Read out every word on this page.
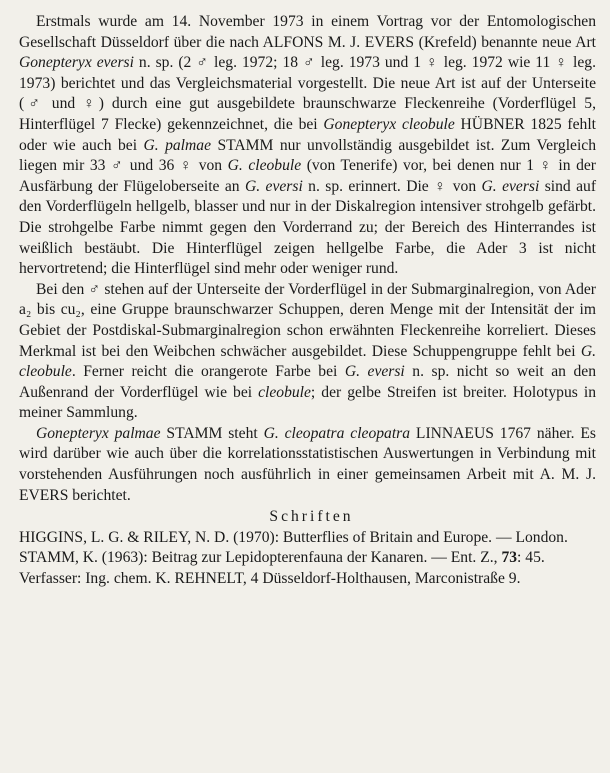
Erstmals wurde am 14. November 1973 in einem Vortrag vor der Entomologischen Gesellschaft Düsseldorf über die nach ALFONS M. J. EVERS (Krefeld) benannte neue Art Gonepteryx eversi n. sp. (2 ♂ leg. 1972; 18 ♂ leg. 1973 und 1 ♀ leg. 1972 wie 11 ♀ leg. 1973) berichtet und das Vergleichsmaterial vorgestellt. Die neue Art ist auf der Unterseite (♂ und ♀) durch eine gut ausgebildete braunschwarze Fleckenreihe (Vorderflügel 5, Hinterflügel 7 Flecke) gekennzeichnet, die bei Gonepteryx cleobule HÜBNER 1825 fehlt oder wie auch bei G. palmae STAMM nur unvollständig ausgebildet ist. Zum Vergleich liegen mir 33 ♂ und 36 ♀ von G. cleobule (von Tenerife) vor, bei denen nur 1 ♀ in der Ausfärbung der Flügeloberseite an G. eversi n. sp. erinnert. Die ♀ von G. eversi sind auf den Vorderflügeln hellgelb, blasser und nur in der Diskalregion intensiver strohgelb gefärbt. Die strohgelbe Farbe nimmt gegen den Vorderrand zu; der Bereich des Hinterrandes ist weißlich bestäubt. Die Hinterflügel zeigen hellgelbe Farbe, die Ader 3 ist nicht hervortretend; die Hinterflügel sind mehr oder weniger rund.

Bei den ♂ stehen auf der Unterseite der Vorderflügel in der Submarginalregion, von Ader a₂ bis cu₂, eine Gruppe braunschwarzer Schuppen, deren Menge mit der Intensität der im Gebiet der Postdiskal-Submarginalregion schon erwähnten Fleckenreihe korreliert. Dieses Merkmal ist bei den Weibchen schwächer ausgebildet. Diese Schuppengruppe fehlt bei G. cleobule. Ferner reicht die orangerote Farbe bei G. eversi n. sp. nicht so weit an den Außenrand der Vorderflügel wie bei cleobule; der gelbe Streifen ist breiter. Holotypus in meiner Sammlung.

Gonepteryx palmae STAMM steht G. cleopatra cleopatra LINNAEUS 1767 näher. Es wird darüber wie auch über die korrelationsstatistischen Auswertungen in Verbindung mit vorstehenden Ausführungen noch ausführlich in einer gemeinsamen Arbeit mit A. M. J. EVERS berichtet.

Schriften

HIGGINS, L. G. & RILEY, N. D. (1970): Butterflies of Britain and Europe. — London.

STAMM, K. (1963): Beitrag zur Lepidopterenfauna der Kanaren. — Ent. Z., 73: 45.

Verfasser: Ing. chem. K. REHNELT, 4 Düsseldorf-Holthausen, Marconistraße 9.
